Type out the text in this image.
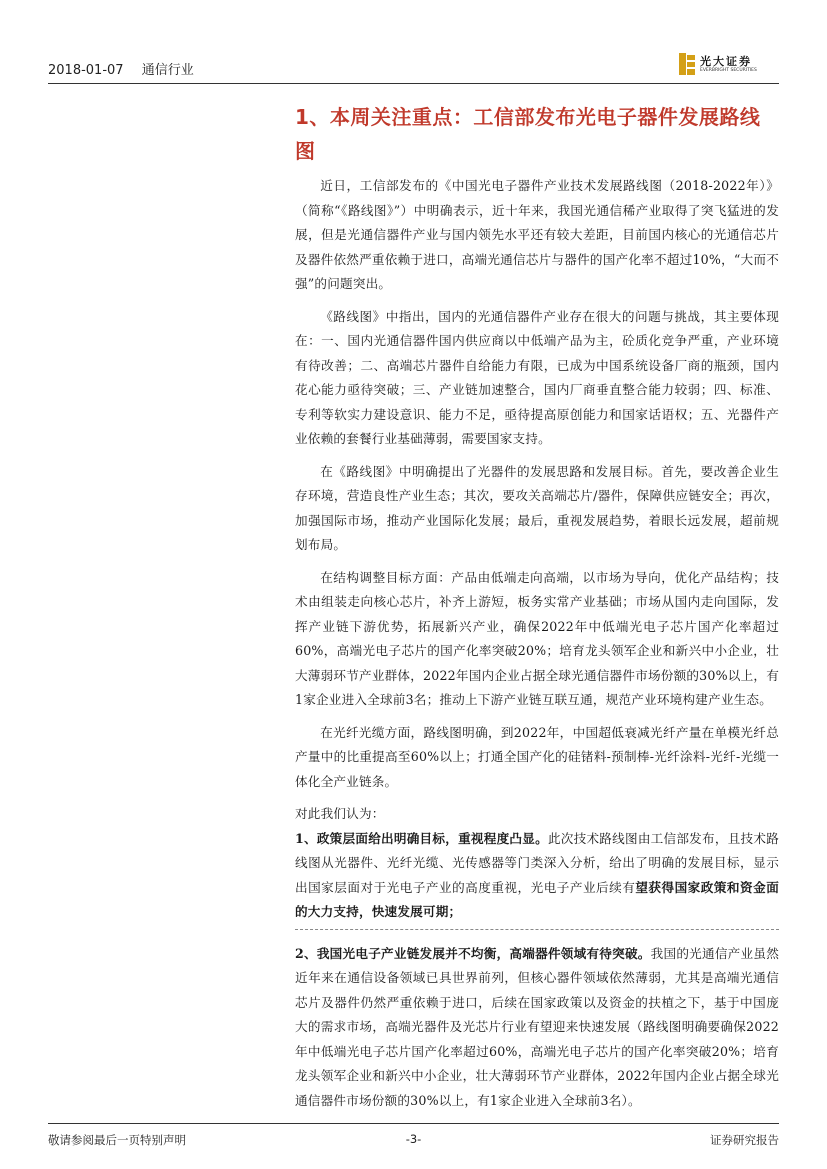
2018-01-07 通信行业
光大证券
EVERBRIGHT SECURITIES
1、本周关注重点：工信部发布光电子器件发展路线图

近日，工信部发布的《中国光电子器件产业技术发展路线图（2018-2022年）》（简称“《路线图》”）中明确表示，近十年来，我国光通信稀产业取得了突飞猛进的发展，但是光通信器件产业与国内领先水平还有较大差距，目前国内核心的光通信芯片及器件依然严重依赖于进口，高端光通信芯片与器件的国产化率不超过10%，“大而不强”的问题突出。

《路线图》中指出，国内的光通信器件产业存在很大的问题与挑战，其主要体现在：一、国内光通信器件国内供应商以中低端产品为主，砼质化竞争严重，产业环境有待改善；二、高端芯片器件自给能力有限，已成为中国系统设备厂商的瓶颈，国内花心能力亟待突破；三、产业链加速整合，国内厂商垂直整合能力较弱；四、标准、专利等软实力建设意识、能力不足，亟待提高原创能力和国家话语权；五、光器件产业依赖的套餐行业基础薄弱，需要国家支持。

在《路线图》中明确提出了光器件的发展思路和发展目标。首先，要改善企业生存环境，营造良性产业生态；其次，要攻关高端芯片/器件，保障供应链安全；再次，加强国际市场，推动产业国际化发展；最后，重视发展趋势，着眼长远发展，超前规划布局。

在结构调整目标方面：产品由低端走向高端，以市场为导向，优化产品结构；技术由组装走向核心芯片，补齐上游短，板务实常产业基础；市场从国内走向国际，发挥产业链下游优势，拓展新兴产业，确保2022年中低端光电子芯片国产化率超过60%，高端光电子芯片的国产化率突破20%；培育龙头领军企业和新兴中小企业，壮大薄弱环节产业群体，2022年国内企业占据全球光通信器件市场份额的30%以上，有1家企业进入全球前3名；推动上下游产业链互联互通，规范产业环境构建产业生态。

在光纤光缆方面，路线图明确，到2022年，中国超低衰减光纤产量在单模光纤总产量中的比重提高至60%以上；打通全国产化的硅锗料-预制棒-光纤涂料-光纤-光缆一体化全产业链条。

对此我们认为：

1、政策层面给出明确目标，重视程度凸显。此次技术路线图由工信部发布，且技术路线图从光器件、光纤光缆、光传感器等门类深入分析，给出了明确的发展目标，显示出国家层面对于光电子产业的高度重视，光电子产业后续有望获得国家政策和资金面的大力支持，快速发展可期；

2、我国光电子产业链发展并不均衡，高端器件领域有待突破。我国的光通信产业虽然近年来在通信设备领域已具世界前列，但核心器件领域依然薄弱，尤其是高端光通信芯片及器件仍然严重依赖于进口，后续在国家政策以及资金的扶植之下，基于中国庞大的需求市场，高端光器件及光芯片行业有望迎来快速发展（路线图明确要确保2022年中低端光电子芯片国产化率超过60%，高端光电子芯片的国产化率突破20%；培育龙头领军企业和新兴中小企业，壮大薄弱环节产业群体，2022年国内企业占据全球光通信器件市场份额的30%以上，有1家企业进入全球前3名）。

敬请参阅最后一页特别声明	-3-	证券研究报告
